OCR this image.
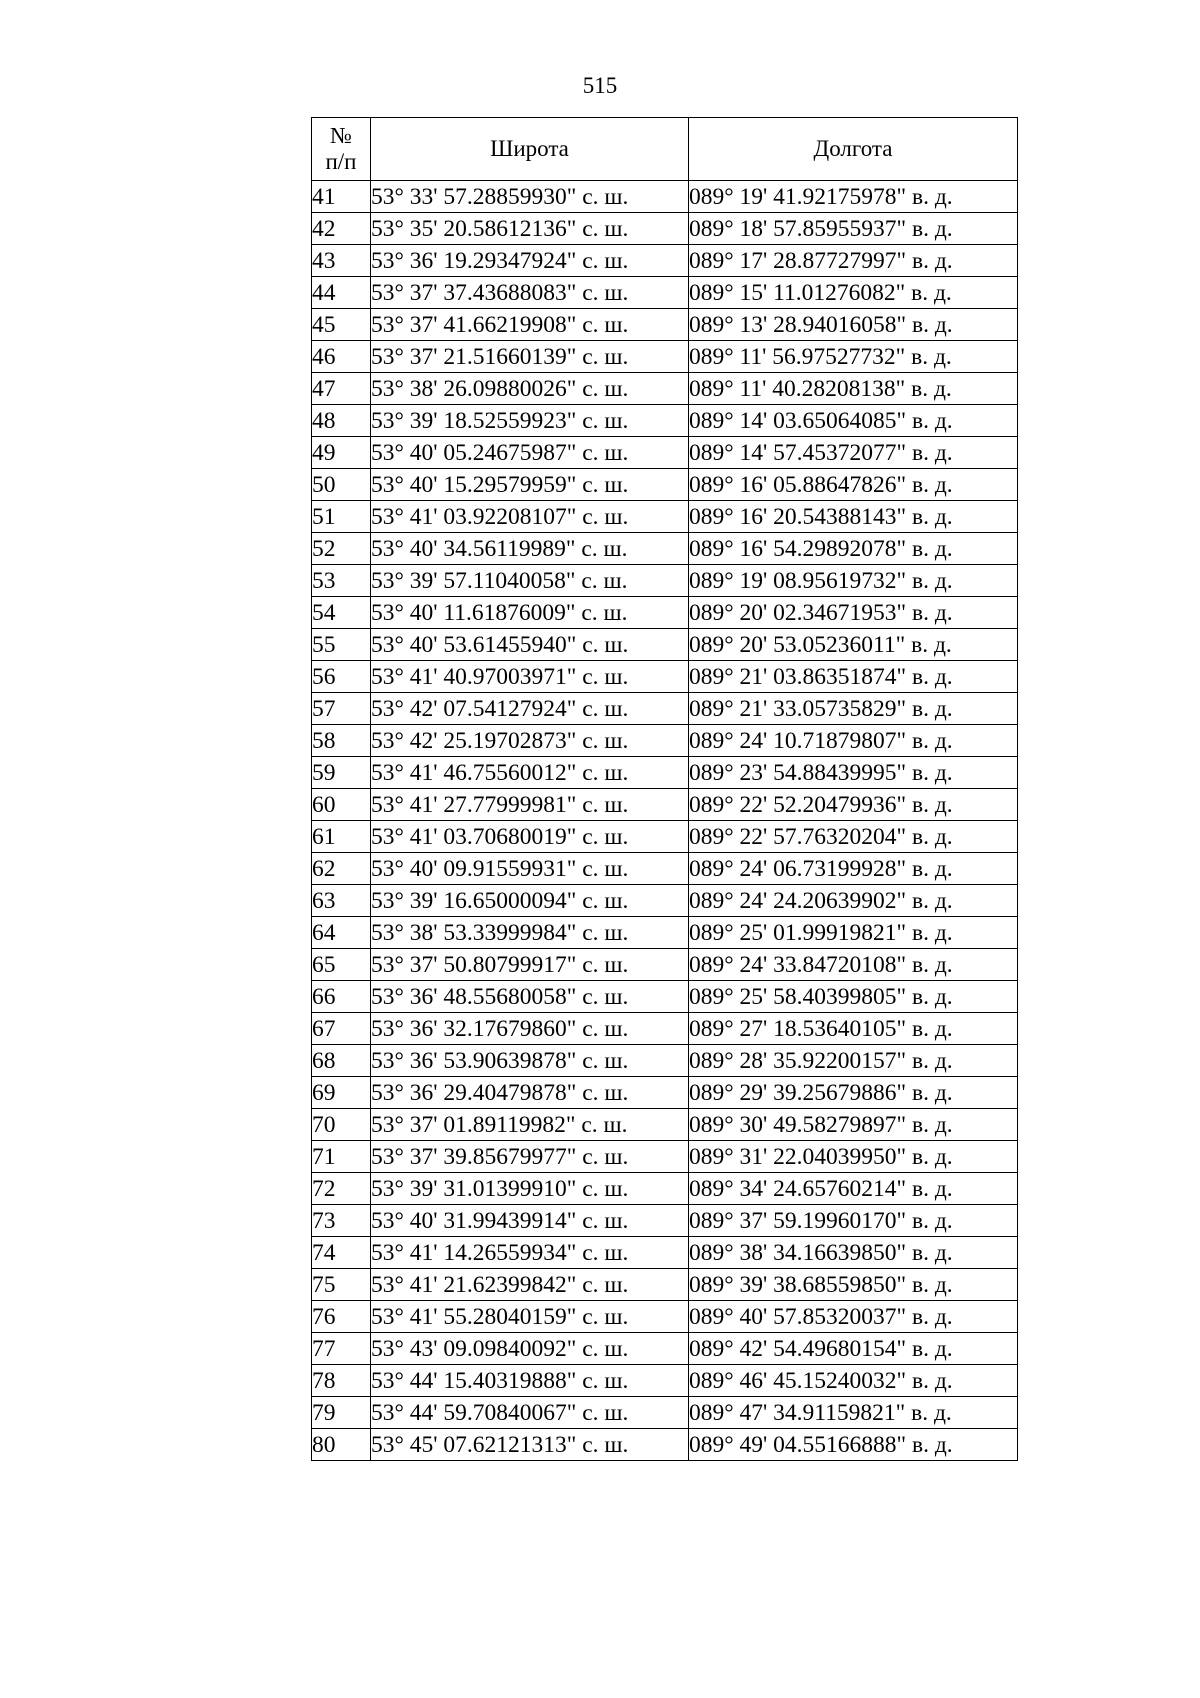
515
№
п/п	Широта	Долгота
41	53° 33' 57.28859930" с. ш.	089° 19' 41.92175978" в. д.
42	53° 35' 20.58612136" с. ш.	089° 18' 57.85955937" в. д.
43	53° 36' 19.29347924" с. ш.	089° 17' 28.87727997" в. д.
44	53° 37' 37.43688083" с. ш.	089° 15' 11.01276082" в. д.
45	53° 37' 41.66219908" с. ш.	089° 13' 28.94016058" в. д.
46	53° 37' 21.51660139" с. ш.	089° 11' 56.97527732" в. д.
47	53° 38' 26.09880026" с. ш.	089° 11' 40.28208138" в. д.
48	53° 39' 18.52559923" с. ш.	089° 14' 03.65064085" в. д.
49	53° 40' 05.24675987" с. ш.	089° 14' 57.45372077" в. д.
50	53° 40' 15.29579959" с. ш.	089° 16' 05.88647826" в. д.
51	53° 41' 03.92208107" с. ш.	089° 16' 20.54388143" в. д.
52	53° 40' 34.56119989" с. ш.	089° 16' 54.29892078" в. д.
53	53° 39' 57.11040058" с. ш.	089° 19' 08.95619732" в. д.
54	53° 40' 11.61876009" с. ш.	089° 20' 02.34671953" в. д.
55	53° 40' 53.61455940" с. ш.	089° 20' 53.05236011" в. д.
56	53° 41' 40.97003971" с. ш.	089° 21' 03.86351874" в. д.
57	53° 42' 07.54127924" с. ш.	089° 21' 33.05735829" в. д.
58	53° 42' 25.19702873" с. ш.	089° 24' 10.71879807" в. д.
59	53° 41' 46.75560012" с. ш.	089° 23' 54.88439995" в. д.
60	53° 41' 27.77999981" с. ш.	089° 22' 52.20479936" в. д.
61	53° 41' 03.70680019" с. ш.	089° 22' 57.76320204" в. д.
62	53° 40' 09.91559931" с. ш.	089° 24' 06.73199928" в. д.
63	53° 39' 16.65000094" с. ш.	089° 24' 24.20639902" в. д.
64	53° 38' 53.33999984" с. ш.	089° 25' 01.99919821" в. д.
65	53° 37' 50.80799917" с. ш.	089° 24' 33.84720108" в. д.
66	53° 36' 48.55680058" с. ш.	089° 25' 58.40399805" в. д.
67	53° 36' 32.17679860" с. ш.	089° 27' 18.53640105" в. д.
68	53° 36' 53.90639878" с. ш.	089° 28' 35.92200157" в. д.
69	53° 36' 29.40479878" с. ш.	089° 29' 39.25679886" в. д.
70	53° 37' 01.89119982" с. ш.	089° 30' 49.58279897" в. д.
71	53° 37' 39.85679977" с. ш.	089° 31' 22.04039950" в. д.
72	53° 39' 31.01399910" с. ш.	089° 34' 24.65760214" в. д.
73	53° 40' 31.99439914" с. ш.	089° 37' 59.19960170" в. д.
74	53° 41' 14.26559934" с. ш.	089° 38' 34.16639850" в. д.
75	53° 41' 21.62399842" с. ш.	089° 39' 38.68559850" в. д.
76	53° 41' 55.28040159" с. ш.	089° 40' 57.85320037" в. д.
77	53° 43' 09.09840092" с. ш.	089° 42' 54.49680154" в. д.
78	53° 44' 15.40319888" с. ш.	089° 46' 45.15240032" в. д.
79	53° 44' 59.70840067" с. ш.	089° 47' 34.91159821" в. д.
80	53° 45' 07.62121313" с. ш.	089° 49' 04.55166888" в. д.
